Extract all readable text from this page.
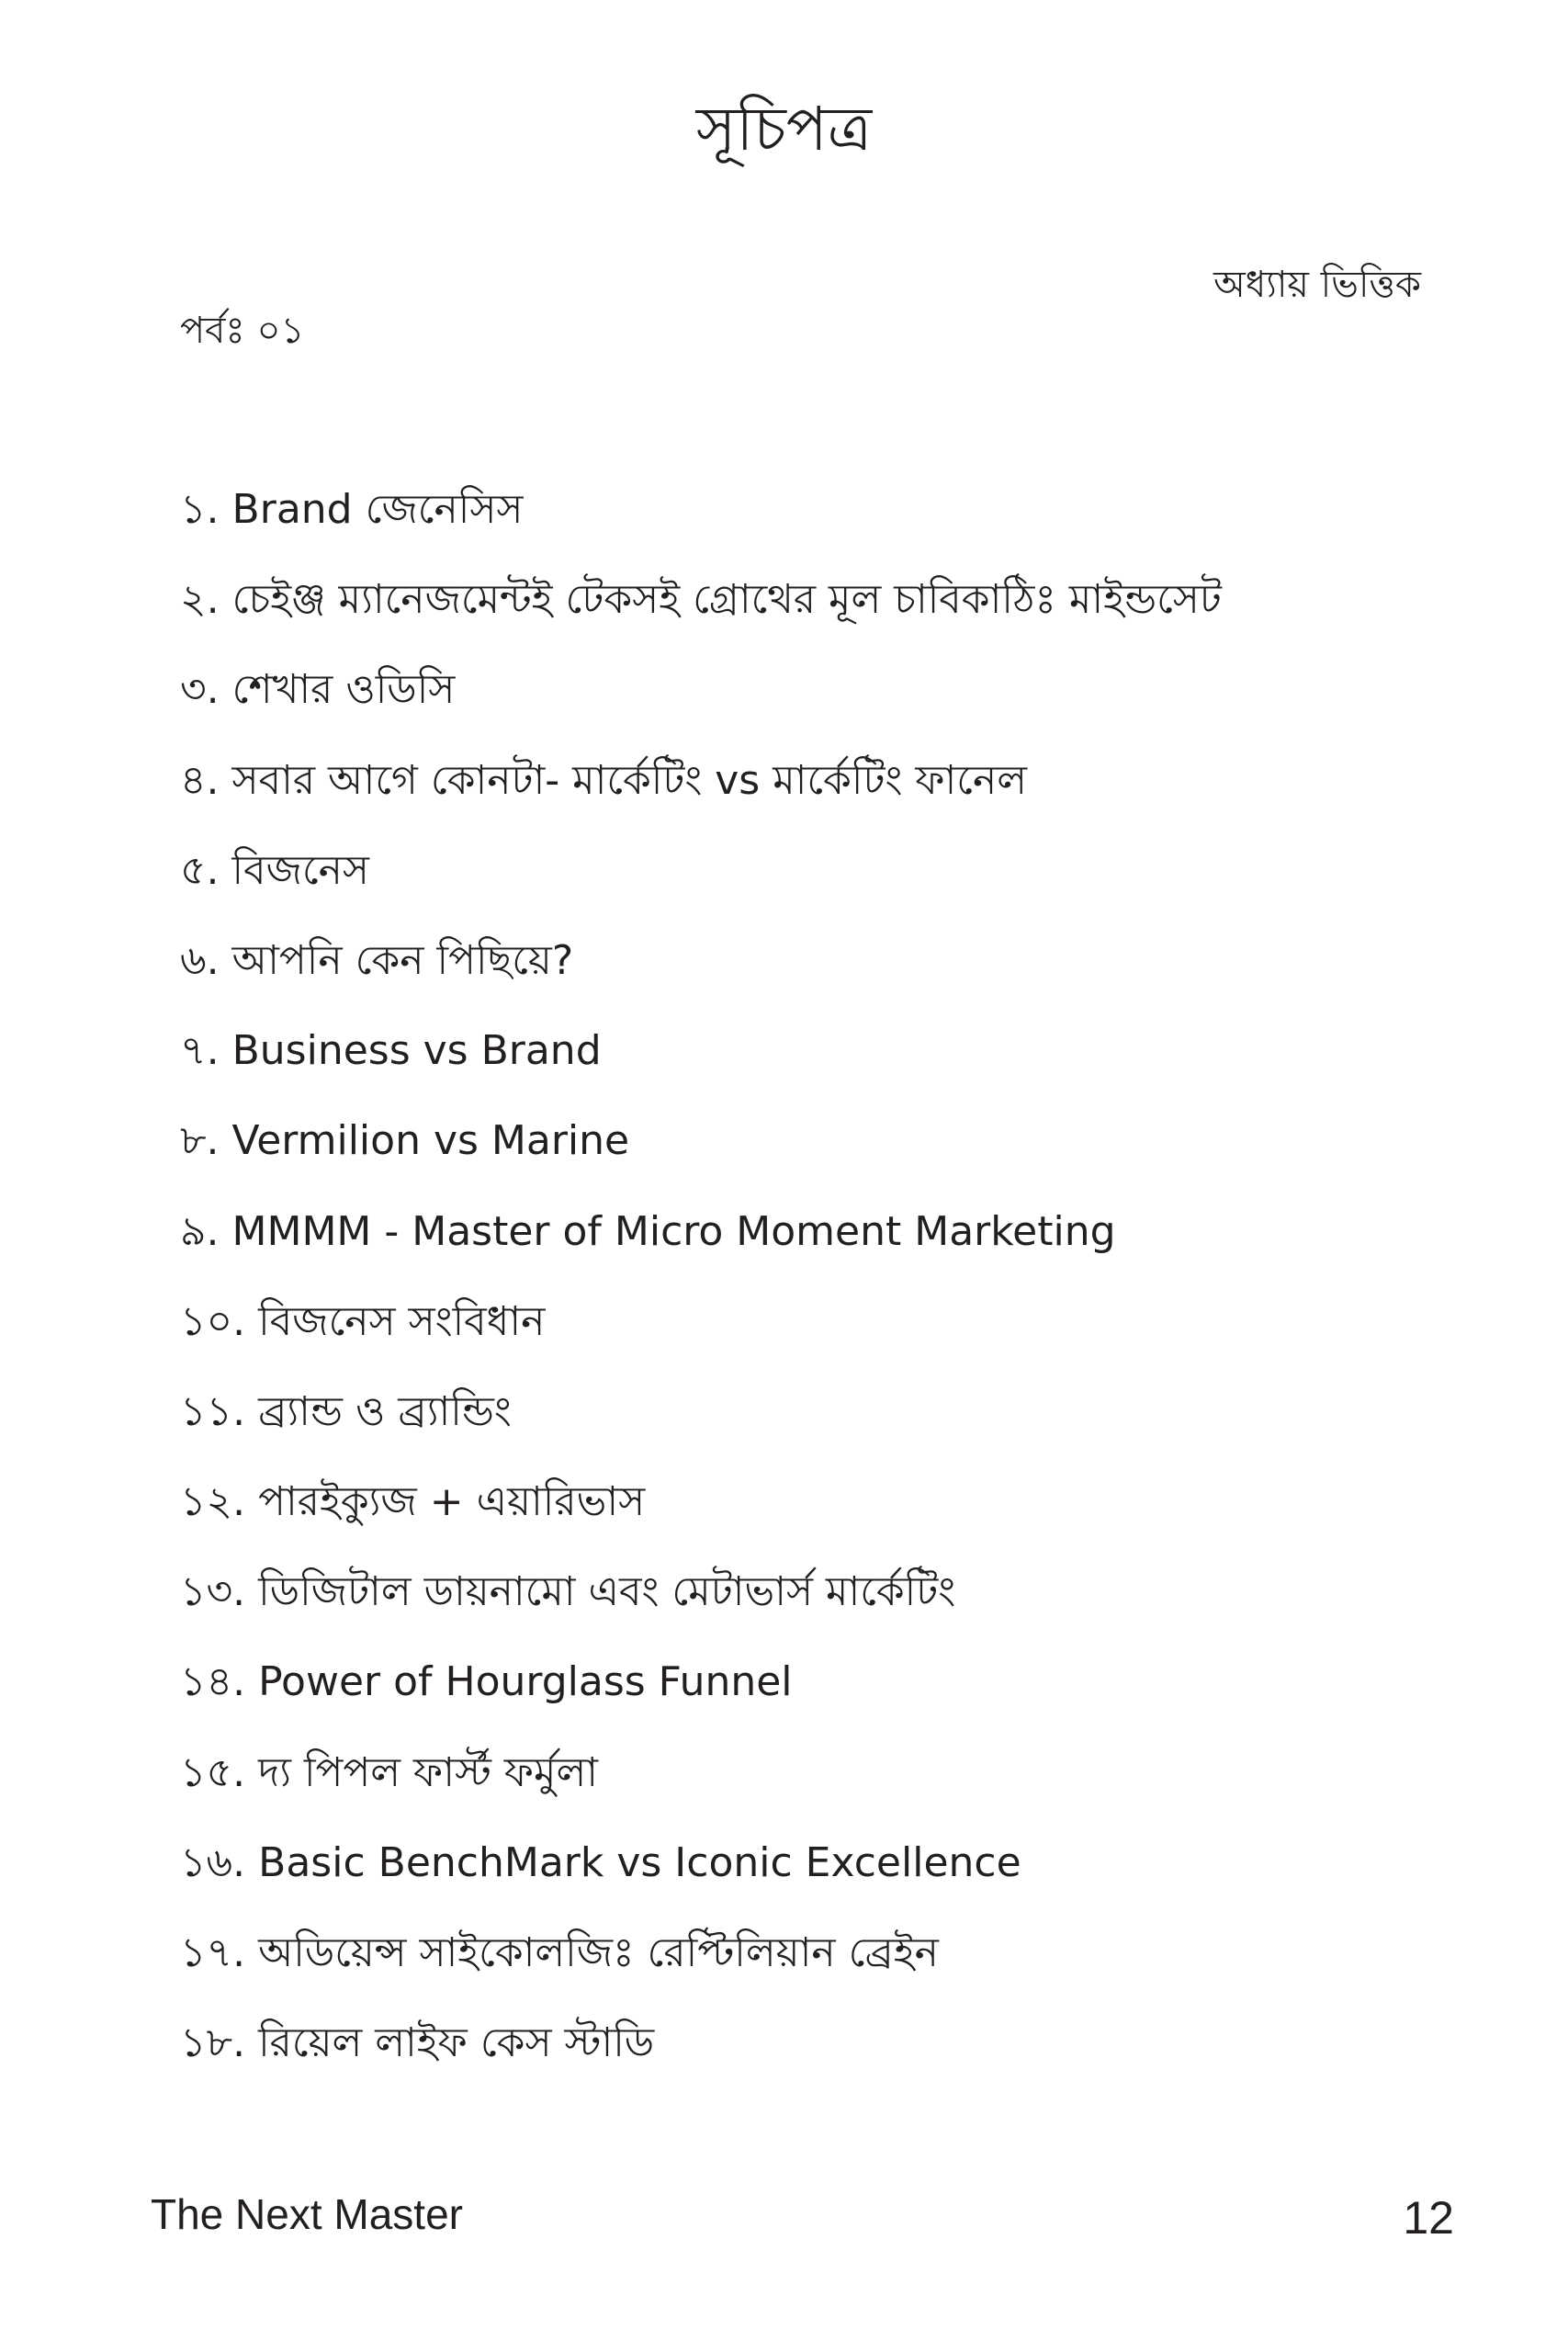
সূচিপত্র

অধ্যায় ভিত্তিক

পর্বঃ ০১

১. Brand জেনেসিস
২. চেইঞ্জ ম্যানেজমেন্টই টেকসই গ্রোথের মূল চাবিকাঠিঃ মাইন্ডসেট
৩. শেখার ওডিসি
৪. সবার আগে কোনটা- মার্কেটিং vs মার্কেটিং ফানেল
৫. বিজনেস
৬. আপনি কেন পিছিয়ে?
৭. Business vs Brand
৮. Vermilion vs Marine
৯. MMMM - Master of Micro Moment Marketing
১০. বিজনেস সংবিধান
১১. ব্র্যান্ড ও ব্র্যান্ডিং
১২. পারইক্যুজ + এয়ারিভাস
১৩. ডিজিটাল ডায়নামো এবং মেটাভার্স মার্কেটিং
১৪. Power of Hourglass Funnel
১৫. দ্য পিপল ফার্স্ট ফর্মুলা
১৬. Basic BenchMark vs Iconic Excellence
১৭. অডিয়েন্স সাইকোলজিঃ রেপ্টিলিয়ান ব্রেইন
১৮. রিয়েল লাইফ কেস স্টাডি

The Next Master	12
